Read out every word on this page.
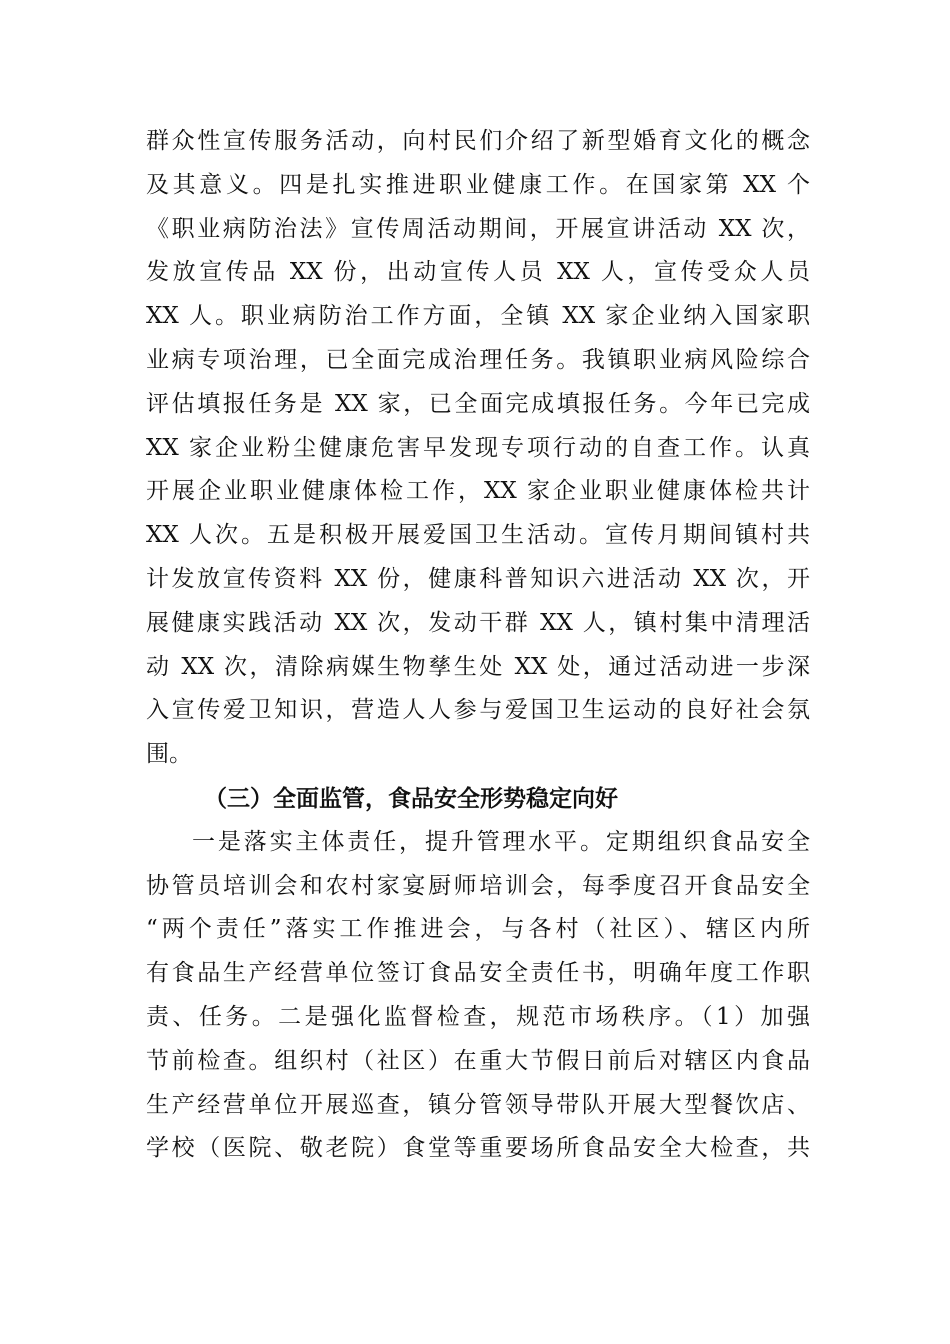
群众性宣传服务活动，向村民们介绍了新型婚育文化的概念
及其意义。四是扎实推进职业健康工作。在国家第 XX 个
《职业病防治法》宣传周活动期间，开展宣讲活动 XX 次，
发放宣传品 XX 份，出动宣传人员 XX 人，宣传受众人员
XX 人。职业病防治工作方面，全镇 XX 家企业纳入国家职
业病专项治理，已全面完成治理任务。我镇职业病风险综合
评估填报任务是 XX 家，已全面完成填报任务。今年已完成
XX 家企业粉尘健康危害早发现专项行动的自查工作。认真
开展企业职业健康体检工作，XX 家企业职业健康体检共计
XX 人次。五是积极开展爱国卫生活动。宣传月期间镇村共
计发放宣传资料 XX 份，健康科普知识六进活动 XX 次，开
展健康实践活动 XX 次，发动干群 XX 人，镇村集中清理活
动 XX 次，清除病媒生物孳生处 XX 处，通过活动进一步深
入宣传爱卫知识，营造人人参与爱国卫生运动的良好社会氛
围。
（三）全面监管，食品安全形势稳定向好
一是落实主体责任，提升管理水平。定期组织食品安全
协管员培训会和农村家宴厨师培训会，每季度召开食品安全
“两个责任”落实工作推进会，与各村（社区）、辖区内所
有食品生产经营单位签订食品安全责任书，明确年度工作职
责、任务。二是强化监督检查，规范市场秩序。（1）加强
节前检查。组织村（社区）在重大节假日前后对辖区内食品
生产经营单位开展巡查，镇分管领导带队开展大型餐饮店、
学校（医院、敬老院）食堂等重要场所食品安全大检查，共
